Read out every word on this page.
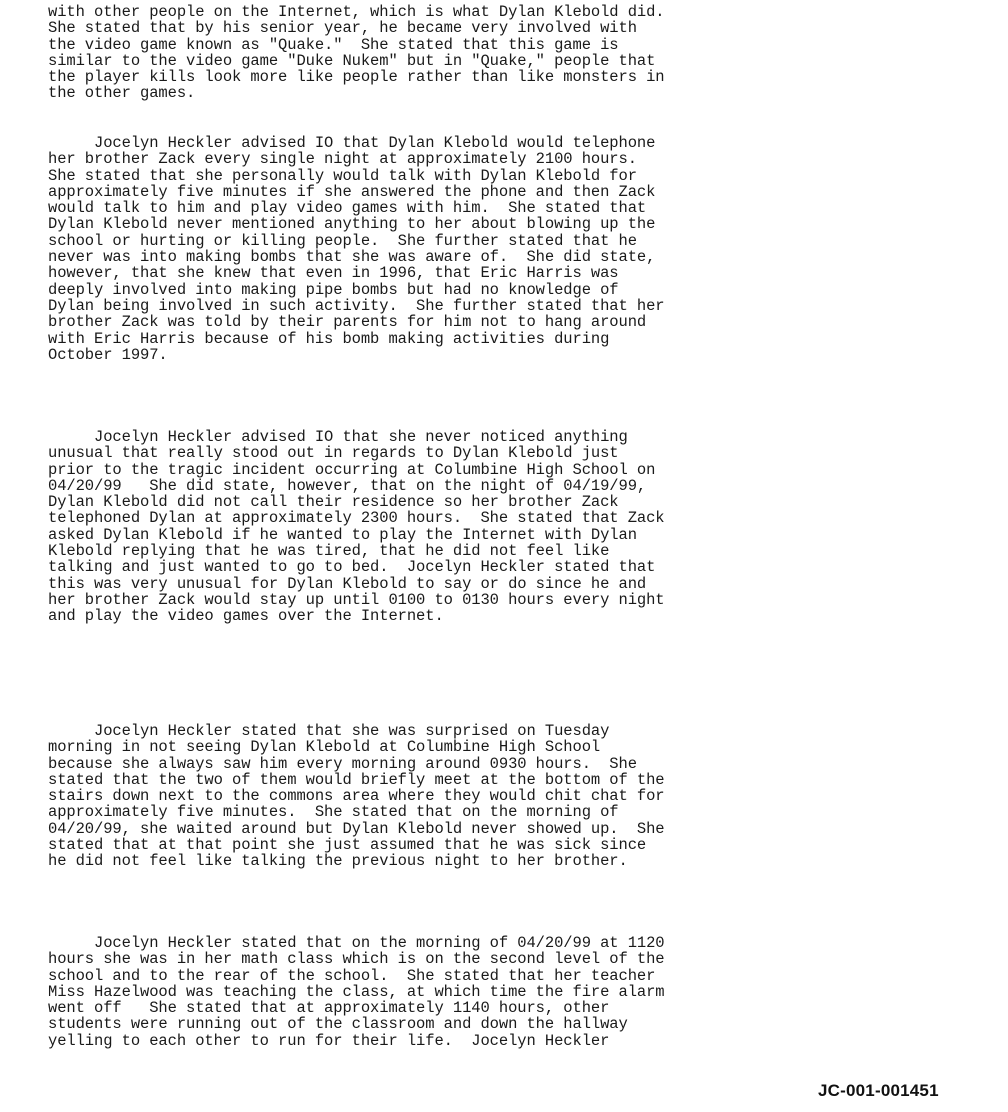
with other people on the Internet, which is what Dylan Klebold did.
She stated that by his senior year, he became very involved with
the video game known as "Quake."  She stated that this game is
similar to the video game "Duke Nukem" but in "Quake," people that
the player kills look more like people rather than like monsters in
the other games.

Jocelyn Heckler advised IO that Dylan Klebold would telephone
her brother Zack every single night at approximately 2100 hours.
She stated that she personally would talk with Dylan Klebold for
approximately five minutes if she answered the phone and then Zack
would talk to him and play video games with him.  She stated that
Dylan Klebold never mentioned anything to her about blowing up the
school or hurting or killing people.  She further stated that he
never was into making bombs that she was aware of.  She did state,
however, that she knew that even in 1996, that Eric Harris was
deeply involved into making pipe bombs but had no knowledge of
Dylan being involved in such activity.  She further stated that her
brother Zack was told by their parents for him not to hang around
with Eric Harris because of his bomb making activities during
October 1997.

Jocelyn Heckler advised IO that she never noticed anything
unusual that really stood out in regards to Dylan Klebold just
prior to the tragic incident occurring at Columbine High School on
04/20/99   She did state, however, that on the night of 04/19/99,
Dylan Klebold did not call their residence so her brother Zack
telephoned Dylan at approximately 2300 hours.  She stated that Zack
asked Dylan Klebold if he wanted to play the Internet with Dylan
Klebold replying that he was tired, that he did not feel like
talking and just wanted to go to bed.  Jocelyn Heckler stated that
this was very unusual for Dylan Klebold to say or do since he and
her brother Zack would stay up until 0100 to 0130 hours every night
and play the video games over the Internet.

Jocelyn Heckler stated that she was surprised on Tuesday
morning in not seeing Dylan Klebold at Columbine High School
because she always saw him every morning around 0930 hours.  She
stated that the two of them would briefly meet at the bottom of the
stairs down next to the commons area where they would chit chat for
approximately five minutes.  She stated that on the morning of
04/20/99, she waited around but Dylan Klebold never showed up.  She
stated that at that point she just assumed that he was sick since
he did not feel like talking the previous night to her brother.

Jocelyn Heckler stated that on the morning of 04/20/99 at 1120
hours she was in her math class which is on the second level of the
school and to the rear of the school.  She stated that her teacher
Miss Hazelwood was teaching the class, at which time the fire alarm
went off   She stated that at approximately 1140 hours, other
students were running out of the classroom and down the hallway
yelling to each other to run for their life.  Jocelyn Heckler

JC-001-001451
